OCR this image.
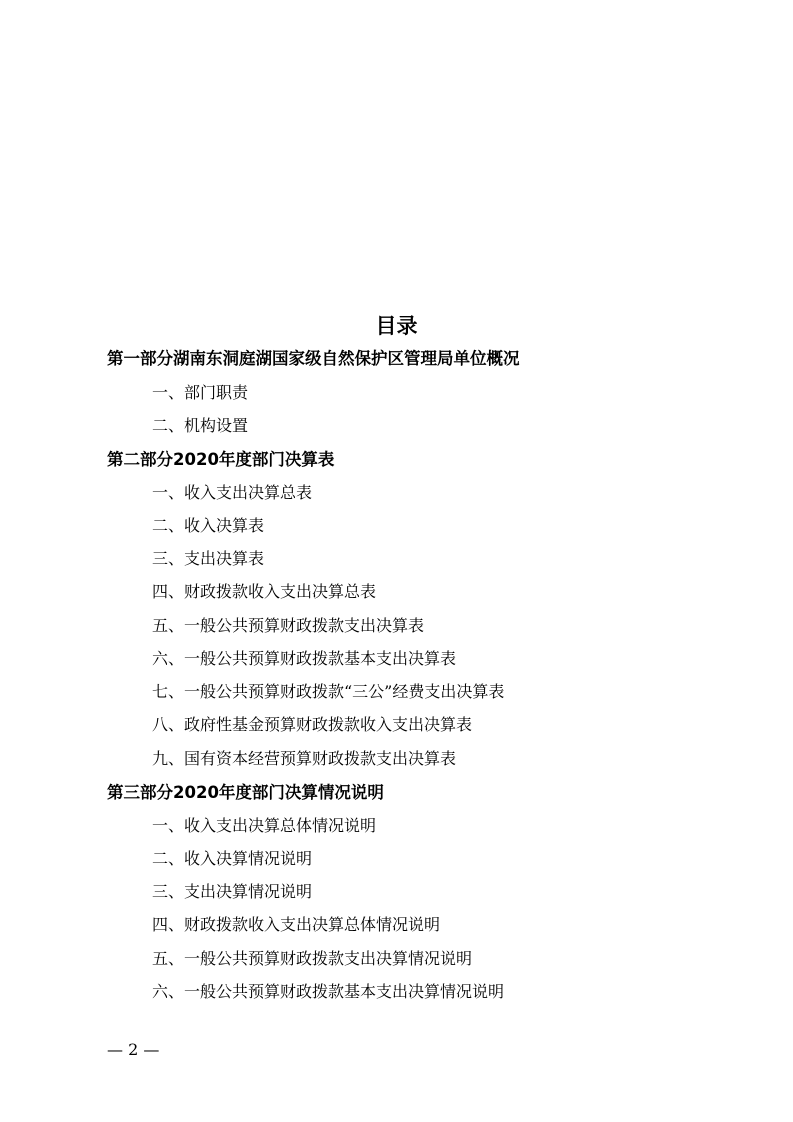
目录
第一部分湖南东洞庭湖国家级自然保护区管理局单位概况
一、部门职责
二、机构设置
第二部分2020年度部门决算表
一、收入支出决算总表
二、收入决算表
三、支出决算表
四、财政拨款收入支出决算总表
五、一般公共预算财政拨款支出决算表
六、一般公共预算财政拨款基本支出决算表
七、一般公共预算财政拨款“三公”经费支出决算表
八、政府性基金预算财政拨款收入支出决算表
九、国有资本经营预算财政拨款支出决算表
第三部分2020年度部门决算情况说明
一、收入支出决算总体情况说明
二、收入决算情况说明
三、支出决算情况说明
四、财政拨款收入支出决算总体情况说明
五、一般公共预算财政拨款支出决算情况说明
六、一般公共预算财政拨款基本支出决算情况说明
— 2 —
